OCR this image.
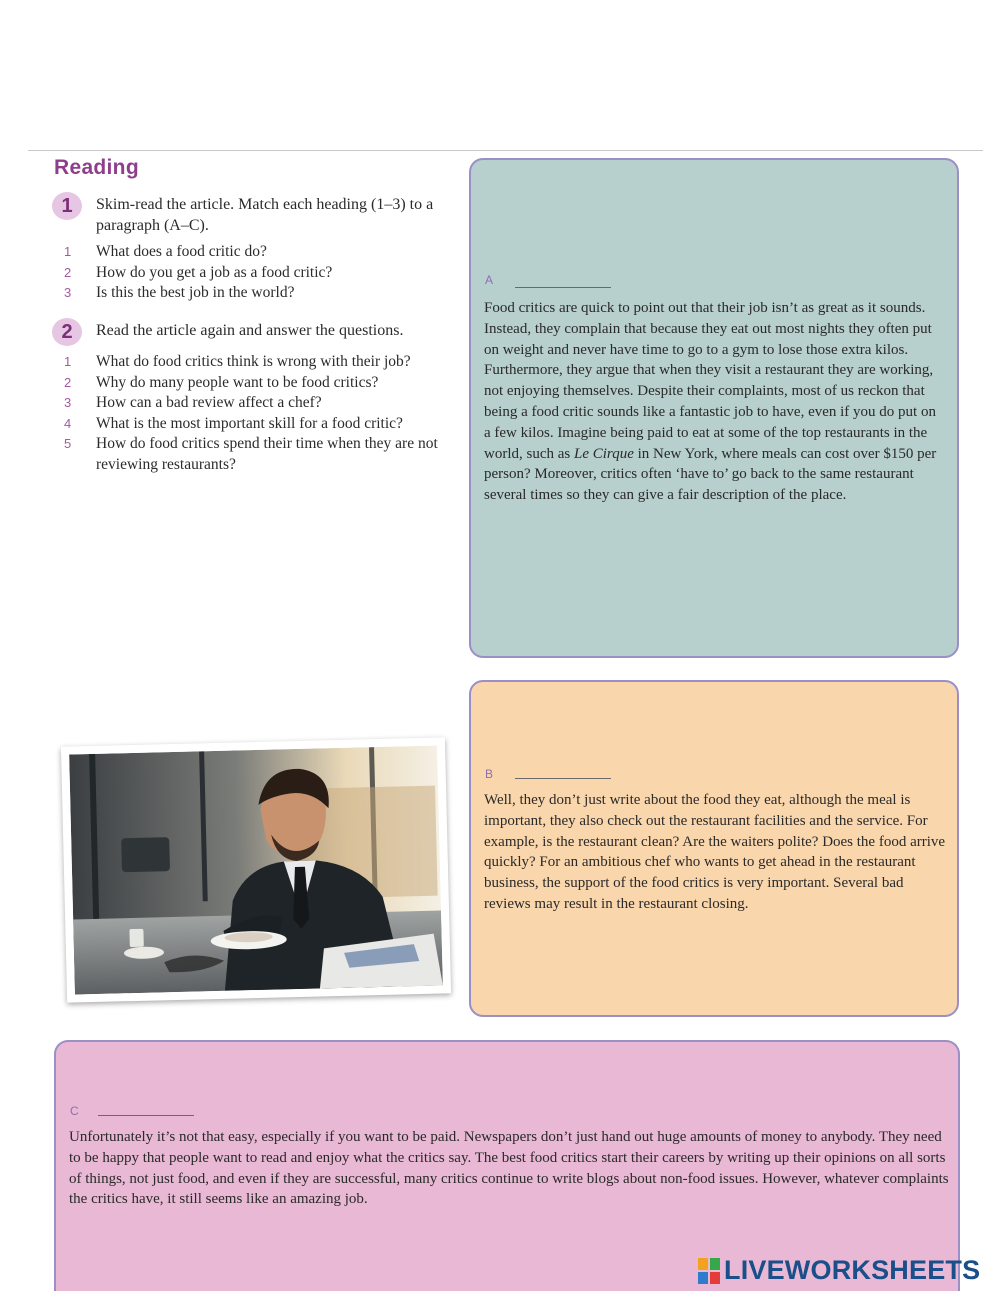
Reading
1	Skim-read the article. Match each heading (1–3) to a paragraph (A–C).
1	What does a food critic do?
2	How do you get a job as a food critic?
3	Is this the best job in the world?
2	Read the article again and answer the questions.
1	What do food critics think is wrong with their job?
2	Why do many people want to be food critics?
3	How can a bad review affect a chef?
4	What is the most important skill for a food critic?
5	How do food critics spend their time when they are not reviewing restaurants?
A
Food critics are quick to point out that their job isn’t as great as it sounds. Instead, they complain that because they eat out most nights they often put on weight and never have time to go to a gym to lose those extra kilos. Furthermore, they argue that when they visit a restaurant they are working, not enjoying themselves. Despite their complaints, most of us reckon that being a food critic sounds like a fantastic job to have, even if you do put on a few kilos. Imagine being paid to eat at some of the top restaurants in the world, such as Le Cirque in New York, where meals can cost over $150 per person? Moreover, critics often ‘have to’ go back to the same restaurant several times so they can give a fair description of the place.
B
Well, they don’t just write about the food they eat, although the meal is important, they also check out the restaurant facilities and the service. For example, is the restaurant clean? Are the waiters polite? Does the food arrive quickly? For an ambitious chef who wants to get ahead in the restaurant business, the support of the food critics is very important. Several bad reviews may result in the restaurant closing.
C
Unfortunately it’s not that easy, especially if you want to be paid. Newspapers don’t just hand out huge amounts of money to anybody. They need to be happy that people want to read and enjoy what the critics say. The best food critics start their careers by writing up their opinions on all sorts of things, not just food, and even if they are successful, many critics continue to write blogs about non-food issues. However, whatever complaints the critics have, it still seems like an amazing job.
LIVEWORKSHEETS
